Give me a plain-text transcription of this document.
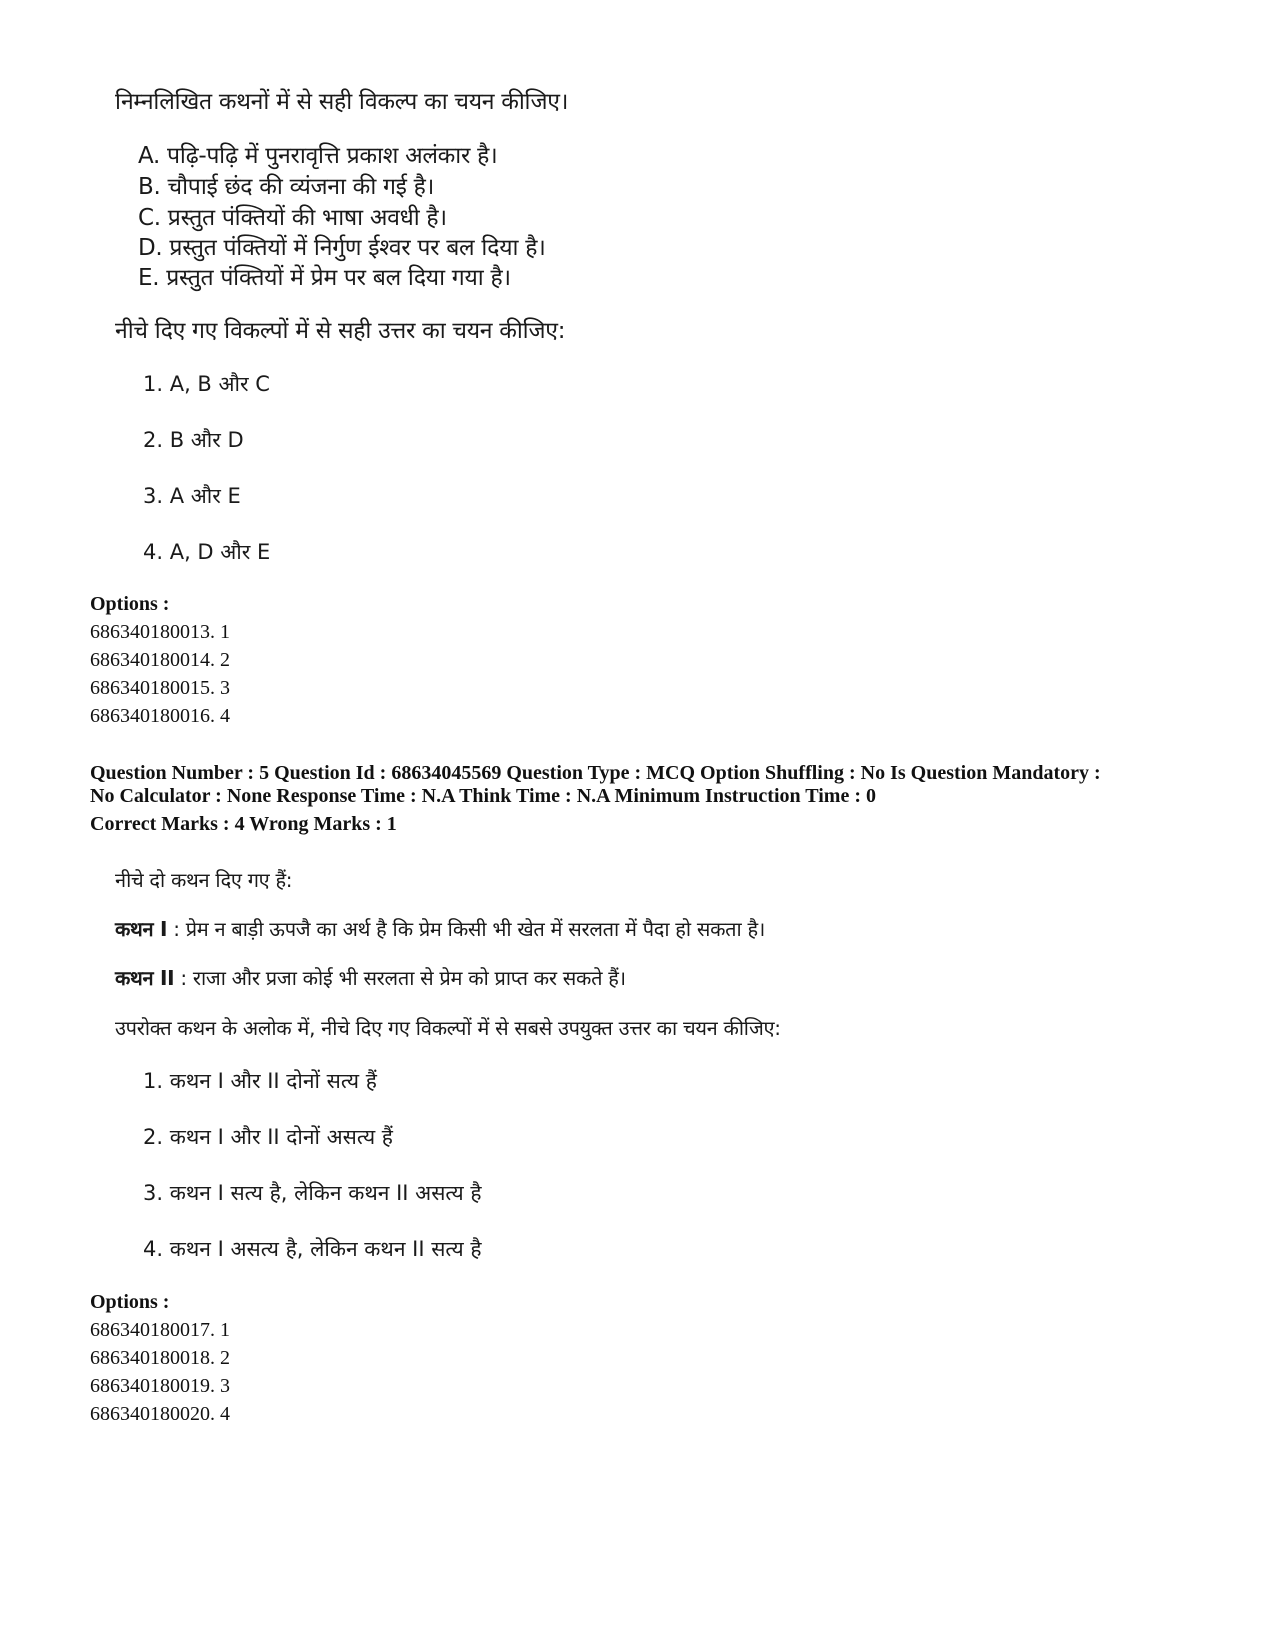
निम्नलिखित कथनों में से सही विकल्प का चयन कीजिए।
A. पढ़ि-पढ़ि में पुनरावृत्ति प्रकाश अलंकार है।
B. चौपाई छंद की व्यंजना की गई है।
C. प्रस्तुत पंक्तियों की भाषा अवधी है।
D. प्रस्तुत पंक्तियों में निर्गुण ईश्वर पर बल दिया है।
E. प्रस्तुत पंक्तियों में प्रेम पर बल दिया गया है।
नीचे दिए गए विकल्पों में से सही उत्तर का चयन कीजिए:
1. A, B और C
2. B और D
3. A और E
4. A, D और E
Options :
686340180013. 1
686340180014. 2
686340180015. 3
686340180016. 4
Question Number : 5 Question Id : 68634045569 Question Type : MCQ Option Shuffling : No Is Question Mandatory :
No Calculator : None Response Time : N.A Think Time : N.A Minimum Instruction Time : 0
Correct Marks : 4 Wrong Marks : 1
नीचे दो कथन दिए गए हैं:
कथन I : प्रेम न बाड़ी ऊपजै का अर्थ है कि प्रेम किसी भी खेत में सरलता में पैदा हो सकता है।
कथन II : राजा और प्रजा कोई भी सरलता से प्रेम को प्राप्त कर सकते हैं।
उपरोक्त कथन के अलोक में, नीचे दिए गए विकल्पों में से सबसे उपयुक्त उत्तर का चयन कीजिए:
1. कथन I और II दोनों सत्य हैं
2. कथन I और II दोनों असत्य हैं
3. कथन I सत्य है, लेकिन कथन II असत्य है
4. कथन I असत्य है, लेकिन कथन II सत्य है
Options :
686340180017. 1
686340180018. 2
686340180019. 3
686340180020. 4
